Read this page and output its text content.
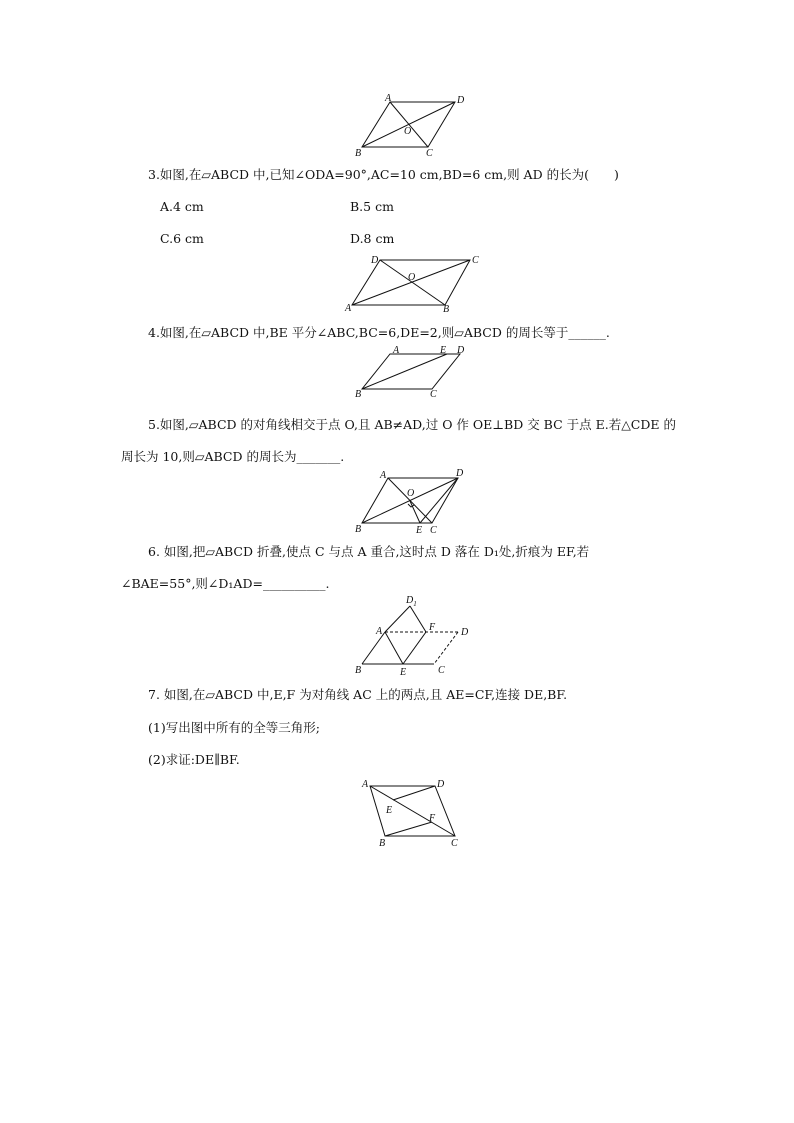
A	D
B	C
O
3.如图,在▱ABCD 中,已知∠ODA=90°,AC=10 cm,BD=6 cm,则 AD 的长为(　　)
A.4 cm	B.5 cm
C.6 cm	D.8 cm
D	C
A	B
O
4.如图,在▱ABCD 中,BE 平分∠ABC,BC=6,DE=2,则▱ABCD 的周长等于______.
A	E D
B	C
5.如图,▱ABCD 的对角线相交于点 O,且 AB≠AD,过 O 作 OE⊥BD 交 BC 于点 E.若△CDE 的
周长为 10,则▱ABCD 的周长为_______.
A	D
B	E C
O
6. 如图,把▱ABCD 折叠,使点 C 与点 A 重合,这时点 D 落在 D₁处,折痕为 EF,若
∠BAE=55°,则∠D₁AD=__________.
$D_1$
A	F	D
B	E	C
7. 如图,在▱ABCD 中,E,F 为对角线 AC 上的两点,且 AE=CF,连接 DE,BF.
(1)写出图中所有的全等三角形;
(2)求证:DE∥BF.
A	D
E
F
B	C
